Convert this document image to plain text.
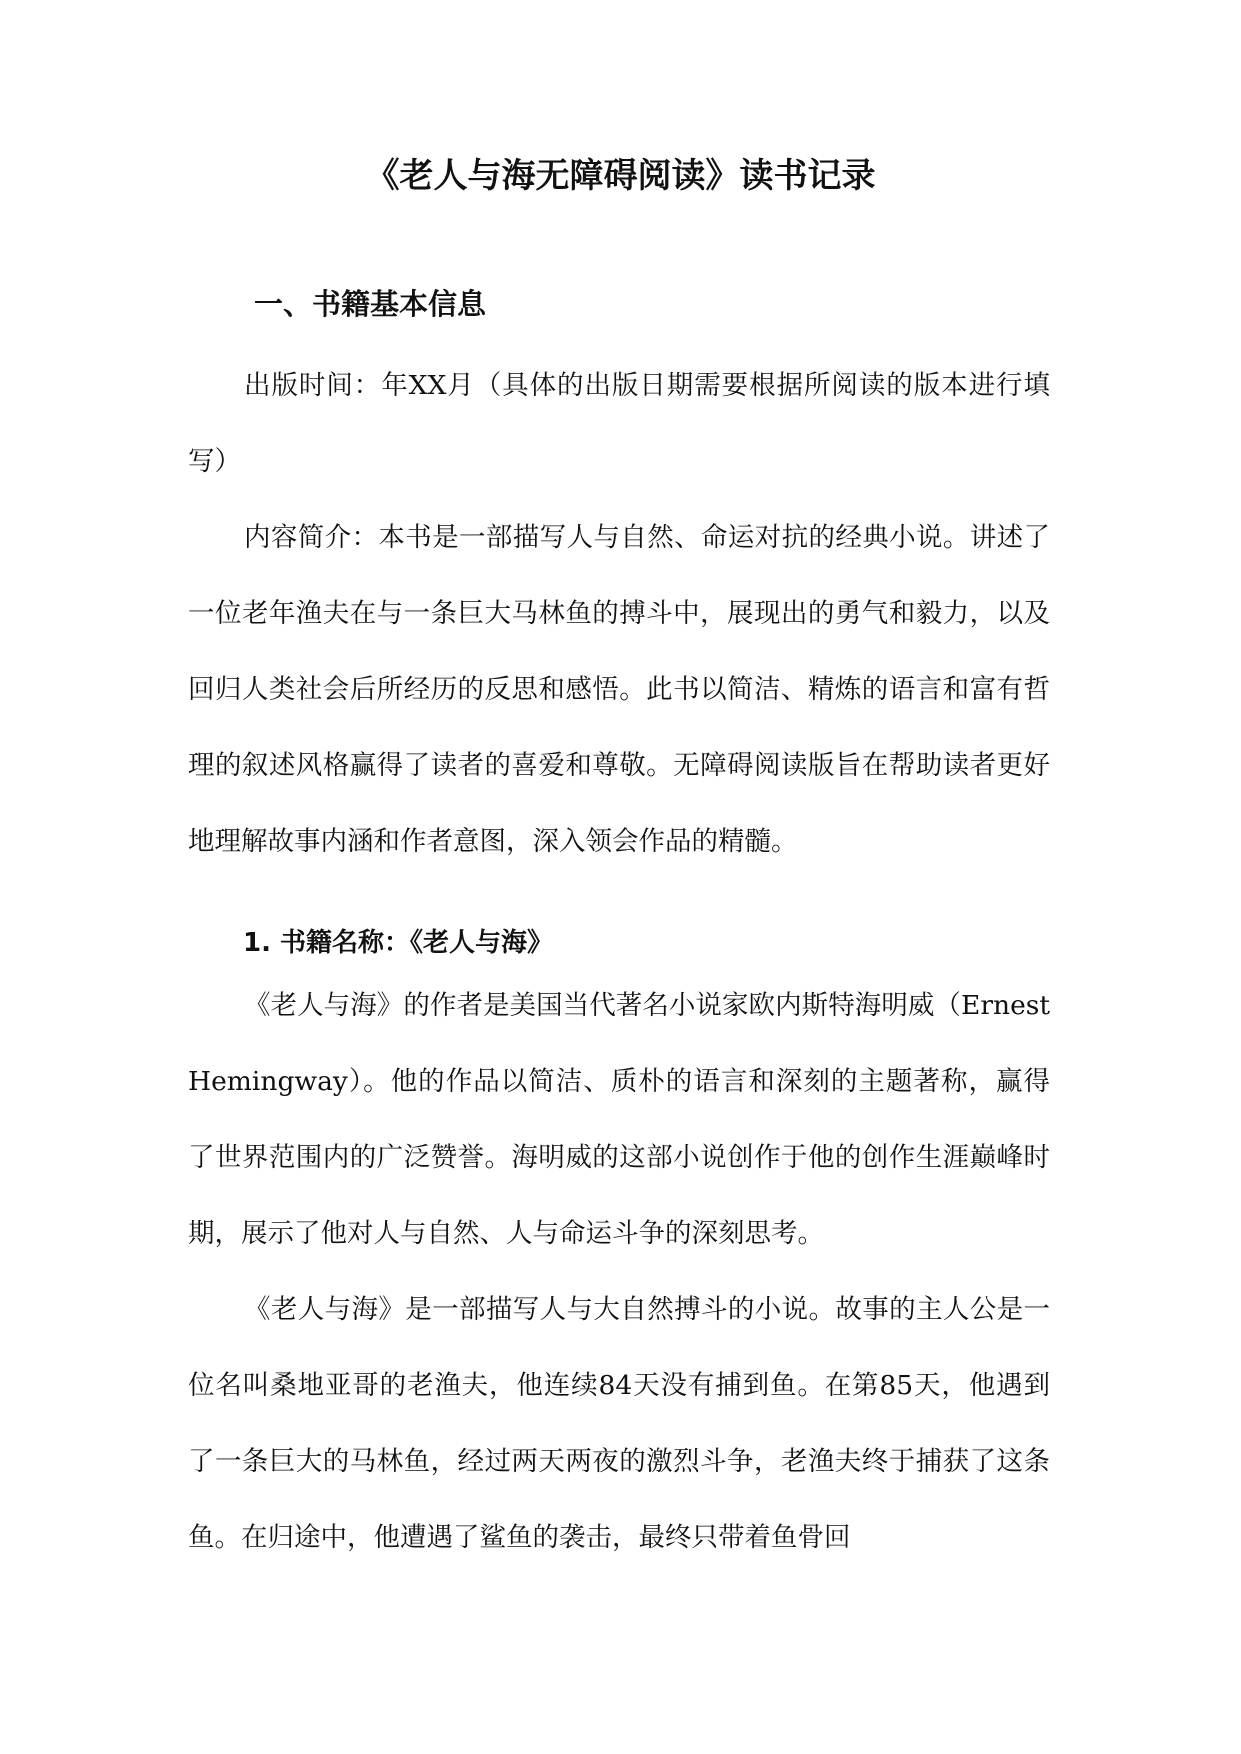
《老人与海无障碍阅读》读书记录
一、书籍基本信息

出版时间：年XX月（具体的出版日期需要根据所阅读的版本进行填写）

内容简介：本书是一部描写人与自然、命运对抗的经典小说。讲述了一位老年渔夫在与一条巨大马林鱼的搏斗中，展现出的勇气和毅力，以及回归人类社会后所经历的反思和感悟。此书以简洁、精炼的语言和富有哲理的叙述风格赢得了读者的喜爱和尊敬。无障碍阅读版旨在帮助读者更好地理解故事内涵和作者意图，深入领会作品的精髓。

1. 书籍名称：《老人与海》

《老人与海》的作者是美国当代著名小说家欧内斯特海明威（Ernest Hemingway）。他的作品以简洁、质朴的语言和深刻的主题著称，赢得了世界范围内的广泛赞誉。海明威的这部小说创作于他的创作生涯巅峰时期，展示了他对人与自然、人与命运斗争的深刻思考。

《老人与海》是一部描写人与大自然搏斗的小说。故事的主人公是一位名叫桑地亚哥的老渔夫，他连续84天没有捕到鱼。在第85天，他遇到了一条巨大的马林鱼，经过两天两夜的激烈斗争，老渔夫终于捕获了这条鱼。在归途中，他遭遇了鲨鱼的袭击，最终只带着鱼骨回
